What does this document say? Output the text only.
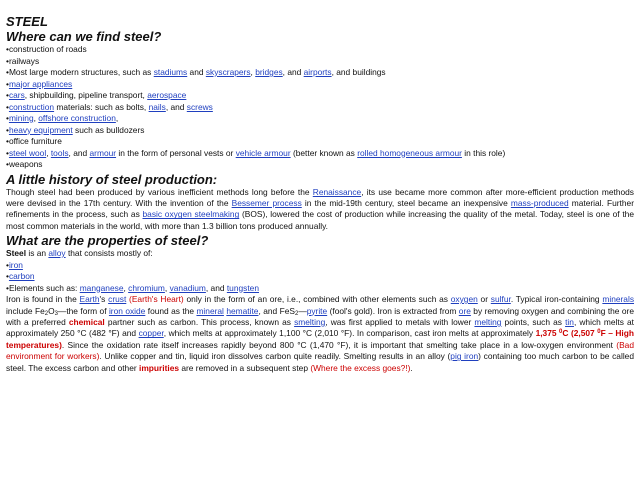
STEEL
Where can we find steel?
• construction of roads
• railways
• Most large modern structures, such as stadiums and skyscrapers, bridges, and airports, and buildings
• major appliances
• cars, shipbuilding, pipeline transport, aerospace
• construction materials: such as bolts, nails, and screws
• mining, offshore construction,
• heavy equipment such as bulldozers
• office furniture
• steel wool, tools, and armour in the form of personal vests or vehicle armour (better known as rolled homogeneous armour in this role)
• weapons
A little history of steel production:
Though steel had been produced by various inefficient methods long before the Renaissance, its use became more common after more-efficient production methods were devised in the 17th century. With the invention of the Bessemer process in the mid-19th century, steel became an inexpensive mass-produced material. Further refinements in the process, such as basic oxygen steelmaking (BOS), lowered the cost of production while increasing the quality of the metal. Today, steel is one of the most common materials in the world, with more than 1.3 billion tons produced annually.
What are the properties of steel?
Steel is an alloy that consists mostly of:
• iron
• carbon
• Elements such as: manganese, chromium, vanadium, and tungsten
Iron is found in the Earth's crust (Earth's Heart) only in the form of an ore, i.e., combined with other elements such as oxygen or sulfur. Typical iron-containing minerals include $Fe_2O_3—the$ form of iron oxide found as the mineral hematite, and FeS$_2$—pyrite (fool's gold). Iron is extracted from ore by removing oxygen and combining the ore with a preferred chemical partner such as carbon. This process, known as smelting, was first applied to metals with lower melting points, such as tin, which melts at approximately 250 °C (482 °F) and copper, which melts at approximately 1,100 °C (2,010 °F). In comparison, cast iron melts at approximately 1,375 $^0$C (2,507 $^0$F – High temperatures). Since the oxidation rate itself increases rapidly beyond 800 °C (1,470 °F), it is important that smelting take place in a low-oxygen environment (Bad environment for workers). Unlike copper and tin, liquid iron dissolves carbon quite readily. Smelting results in an alloy (pig iron) containing too much carbon to be called steel. The excess carbon and other impurities are removed in a subsequent step (Where the excess goes?!).
